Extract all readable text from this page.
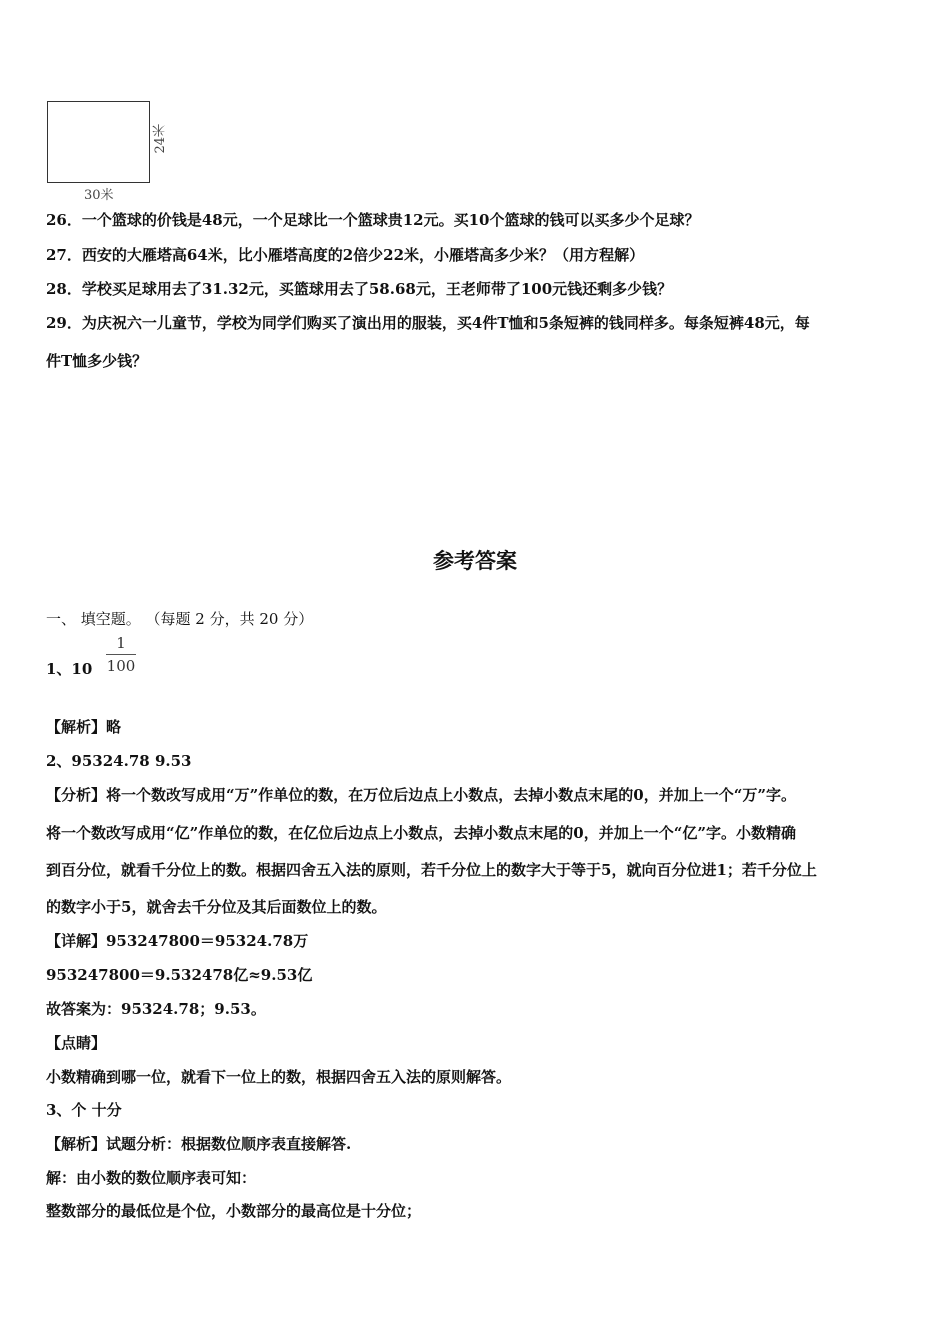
24米
30米
26．一个篮球的价钱是48元，一个足球比一个篮球贵12元。买10个篮球的钱可以买多少个足球？
27．西安的大雁塔高64米，比小雁塔高度的2倍少22米，小雁塔高多少米？（用方程解）
28．学校买足球用去了31.32元，买篮球用去了58.68元，王老师带了100元钱还剩多少钱？
29．为庆祝六一儿童节，学校为同学们购买了演出用的服装，买4件T恤和5条短裤的钱同样多。每条短裤48元，每
件T恤多少钱？
参考答案
一、 填空题。 （每题 2 分，共 20 分）
1、10
1
100
【解析】略
2、95324.78 9.53
【分析】将一个数改写成用“万”作单位的数，在万位后边点上小数点，去掉小数点末尾的0，并加上一个“万”字。
将一个数改写成用“亿”作单位的数，在亿位后边点上小数点，去掉小数点末尾的0，并加上一个“亿”字。小数精确
到百分位，就看千分位上的数。根据四舍五入法的原则，若千分位上的数字大于等于5，就向百分位进1；若千分位上
的数字小于5，就舍去千分位及其后面数位上的数。
【详解】953247800＝95324.78万
953247800＝9.532478亿≈9.53亿
故答案为：95324.78；9.53。
【点睛】
小数精确到哪一位，就看下一位上的数，根据四舍五入法的原则解答。
3、个 十分
【解析】试题分析：根据数位顺序表直接解答.
解：由小数的数位顺序表可知：
整数部分的最低位是个位，小数部分的最高位是十分位；
